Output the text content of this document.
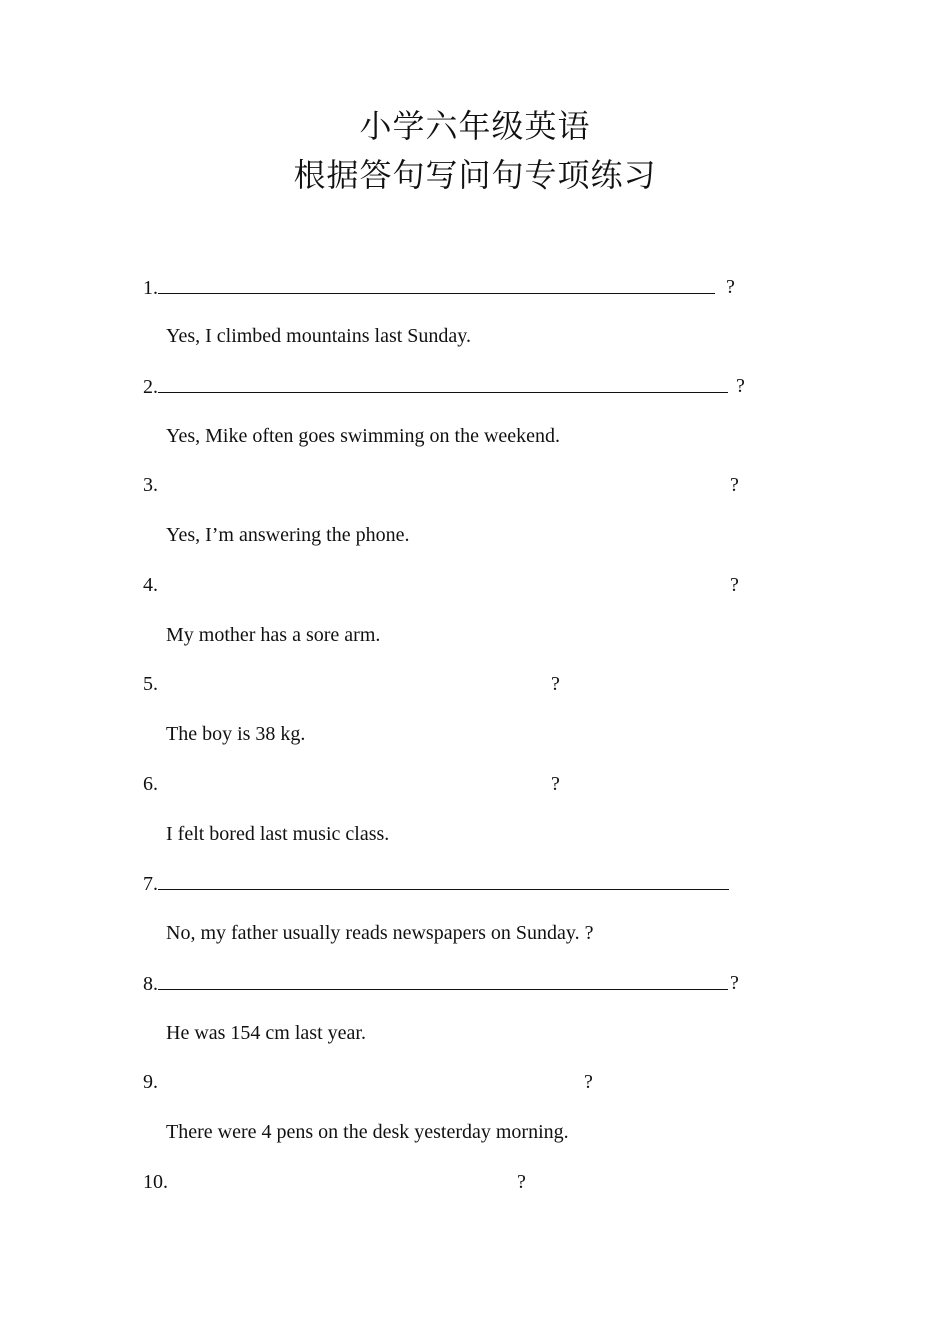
小学六年级英语
根据答句写问句专项练习
1.	?
Yes, I climbed mountains last Sunday.
2.	?
Yes, Mike often goes swimming on the weekend.
3.	?
Yes, I’m answering the phone.
4.	?
My mother has a sore arm.
5.	?
The boy is 38 kg.
6.	?
I felt bored last music class.
7.
No, my father usually reads newspapers on Sunday. ?
8.	?
He was 154 cm last year.
9.	?
There were 4 pens on the desk yesterday morning.
10.	?
